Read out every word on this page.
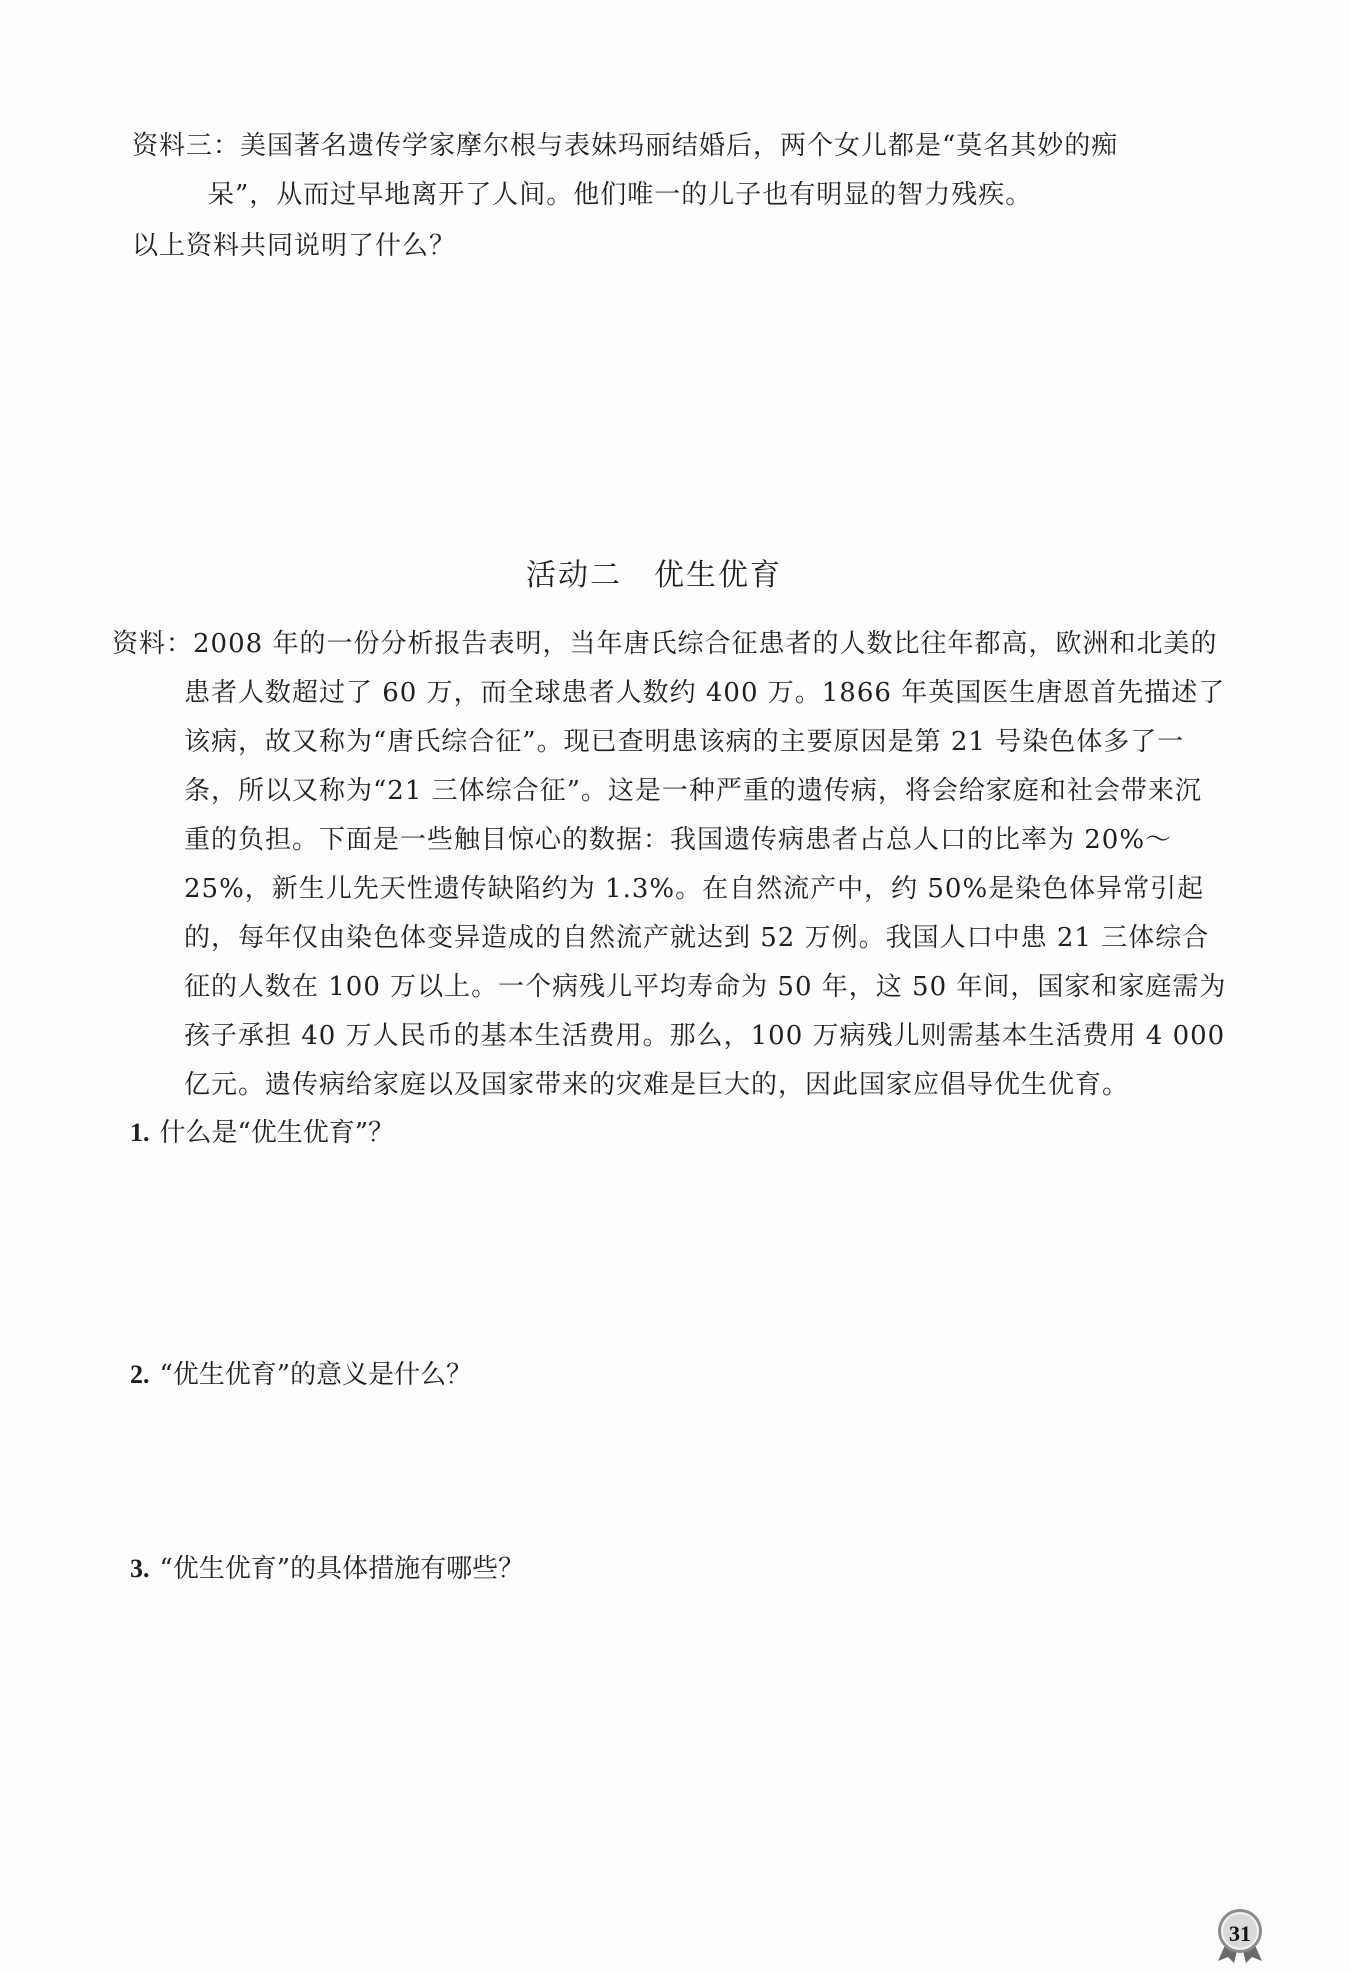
资料三：美国著名遗传学家摩尔根与表妹玛丽结婚后，两个女儿都是“莫名其妙的痴
呆”，从而过早地离开了人间。他们唯一的儿子也有明显的智力残疾。
以上资料共同说明了什么？
活动二 优生优育
资料：2008 年的一份分析报告表明，当年唐氏综合征患者的人数比往年都高，欧洲和北美的
患者人数超过了 60 万，而全球患者人数约 400 万。1866 年英国医生唐恩首先描述了
该病，故又称为“唐氏综合征”。现已查明患该病的主要原因是第 21 号染色体多了一
条，所以又称为“21 三体综合征”。这是一种严重的遗传病，将会给家庭和社会带来沉
重的负担。下面是一些触目惊心的数据：我国遗传病患者占总人口的比率为 20%～
25%，新生儿先天性遗传缺陷约为 1.3%。在自然流产中，约 50%是染色体异常引起
的，每年仅由染色体变异造成的自然流产就达到 52 万例。我国人口中患 21 三体综合
征的人数在 100 万以上。一个病残儿平均寿命为 50 年，这 50 年间，国家和家庭需为
孩子承担 40 万人民币的基本生活费用。那么，100 万病残儿则需基本生活费用 4 000
亿元。遗传病给家庭以及国家带来的灾难是巨大的，因此国家应倡导优生优育。
1. 什么是“优生优育”？
2. “优生优育”的意义是什么？
3. “优生优育”的具体措施有哪些？
31
